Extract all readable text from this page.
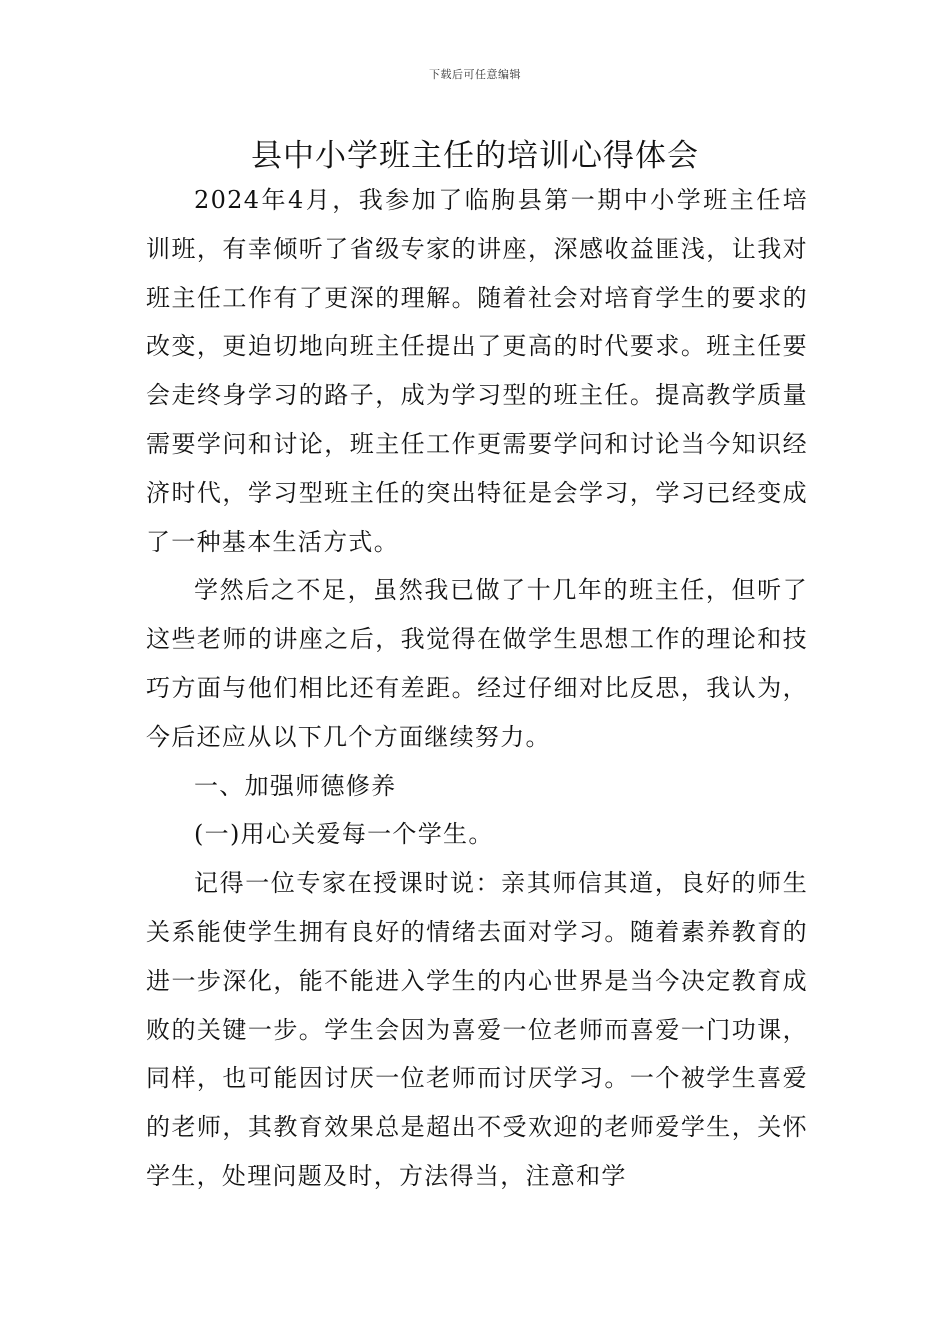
下载后可任意编辑
县中小学班主任的培训心得体会

2024年4月，我参加了临朐县第一期中小学班主任培训班，有幸倾听了省级专家的讲座，深感收益匪浅，让我对班主任工作有了更深的理解。随着社会对培育学生的要求的改变，更迫切地向班主任提出了更高的时代要求。班主任要会走终身学习的路子，成为学习型的班主任。提高教学质量需要学问和讨论，班主任工作更需要学问和讨论当今知识经济时代，学习型班主任的突出特征是会学习，学习已经变成了一种基本生活方式。

学然后之不足，虽然我已做了十几年的班主任，但听了这些老师的讲座之后，我觉得在做学生思想工作的理论和技巧方面与他们相比还有差距。经过仔细对比反思，我认为，今后还应从以下几个方面继续努力。

一、加强师德修养

(一)用心关爱每一个学生。

记得一位专家在授课时说：亲其师信其道，良好的师生关系能使学生拥有良好的情绪去面对学习。随着素养教育的进一步深化，能不能进入学生的内心世界是当今决定教育成败的关键一步。学生会因为喜爱一位老师而喜爱一门功课，同样，也可能因讨厌一位老师而讨厌学习。一个被学生喜爱的老师，其教育效果总是超出不受欢迎的老师爱学生，关怀学生，处理问题及时，方法得当，注意和学
